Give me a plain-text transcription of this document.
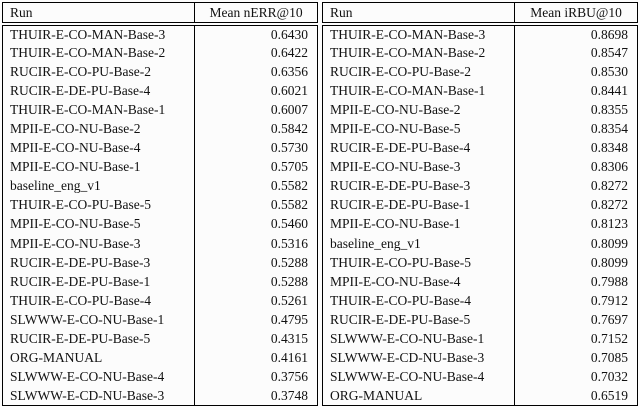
Run	Mean nERR@10
THUIR-E-CO-MAN-Base-3	0.6430
THUIR-E-CO-MAN-Base-2	0.6422
RUCIR-E-CO-PU-Base-2	0.6356
RUCIR-E-DE-PU-Base-4	0.6021
THUIR-E-CO-MAN-Base-1	0.6007
MPII-E-CO-NU-Base-2	0.5842
MPII-E-CO-NU-Base-4	0.5730
MPII-E-CO-NU-Base-1	0.5705
baseline_eng_v1	0.5582
THUIR-E-CO-PU-Base-5	0.5582
MPII-E-CO-NU-Base-5	0.5460
MPII-E-CO-NU-Base-3	0.5316
RUCIR-E-DE-PU-Base-3	0.5288
RUCIR-E-DE-PU-Base-1	0.5288
THUIR-E-CO-PU-Base-4	0.5261
SLWWW-E-CO-NU-Base-1	0.4795
RUCIR-E-DE-PU-Base-5	0.4315
ORG-MANUAL	0.4161
SLWWW-E-CO-NU-Base-4	0.3756
SLWWW-E-CD-NU-Base-3	0.3748
Run	Mean iRBU@10
THUIR-E-CO-MAN-Base-3	0.8698
THUIR-E-CO-MAN-Base-2	0.8547
RUCIR-E-CO-PU-Base-2	0.8530
THUIR-E-CO-MAN-Base-1	0.8441
MPII-E-CO-NU-Base-2	0.8355
MPII-E-CO-NU-Base-5	0.8354
RUCIR-E-DE-PU-Base-4	0.8348
MPII-E-CO-NU-Base-3	0.8306
RUCIR-E-DE-PU-Base-3	0.8272
RUCIR-E-DE-PU-Base-1	0.8272
MPII-E-CO-NU-Base-1	0.8123
baseline_eng_v1	0.8099
THUIR-E-CO-PU-Base-5	0.8099
MPII-E-CO-NU-Base-4	0.7988
THUIR-E-CO-PU-Base-4	0.7912
RUCIR-E-DE-PU-Base-5	0.7697
SLWWW-E-CO-NU-Base-1	0.7152
SLWWW-E-CD-NU-Base-3	0.7085
SLWWW-E-CO-NU-Base-4	0.7032
ORG-MANUAL	0.6519
